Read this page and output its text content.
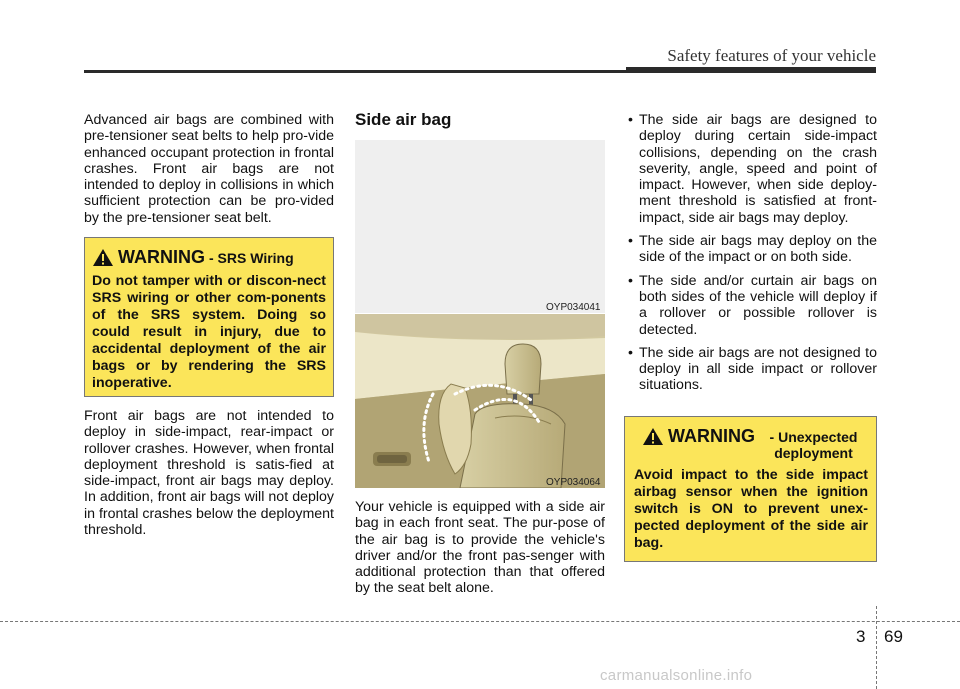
Safety features of your vehicle

Advanced air bags are combined with pre-tensioner seat belts to help pro-vide enhanced occupant protection in frontal crashes. Front air bags are not intended to deploy in collisions in which sufficient protection can be pro-vided by the pre-tensioner seat belt.

WARNING - SRS Wiring
Do not tamper with or discon-nect SRS wiring or other com-ponents of the SRS system. Doing so could result in injury, due to accidental deployment of the air bags or by rendering the SRS inoperative.

Front air bags are not intended to deploy in side-impact, rear-impact or rollover crashes. However, when frontal deployment threshold is satis-fied at side-impact, front air bags may deploy. In addition, front air bags will not deploy in frontal crashes below the deployment threshold.

Side air bag
OYP034041
OYP034064

Your vehicle is equipped with a side air bag in each front seat. The pur-pose of the air bag is to provide the vehicle's driver and/or the front pas-senger with additional protection than that offered by the seat belt alone.

• The side air bags are designed to deploy during certain side-impact collisions, depending on the crash severity, angle, speed and point of impact. However, when side deploy-ment threshold is satisfied at front-impact, side air bags may deploy.
• The side air bags may deploy on the side of the impact or on both side.
• The side and/or curtain air bags on both sides of the vehicle will deploy if a rollover or possible rollover is detected.
• The side air bags are not designed to deploy in all side impact or rollover situations.
WARNING	- Unexpected deployment
Avoid impact to the side impact airbag sensor when the ignition switch is ON to prevent unex-pected deployment of the side air bag.
3 69
carmanualsonline.info
